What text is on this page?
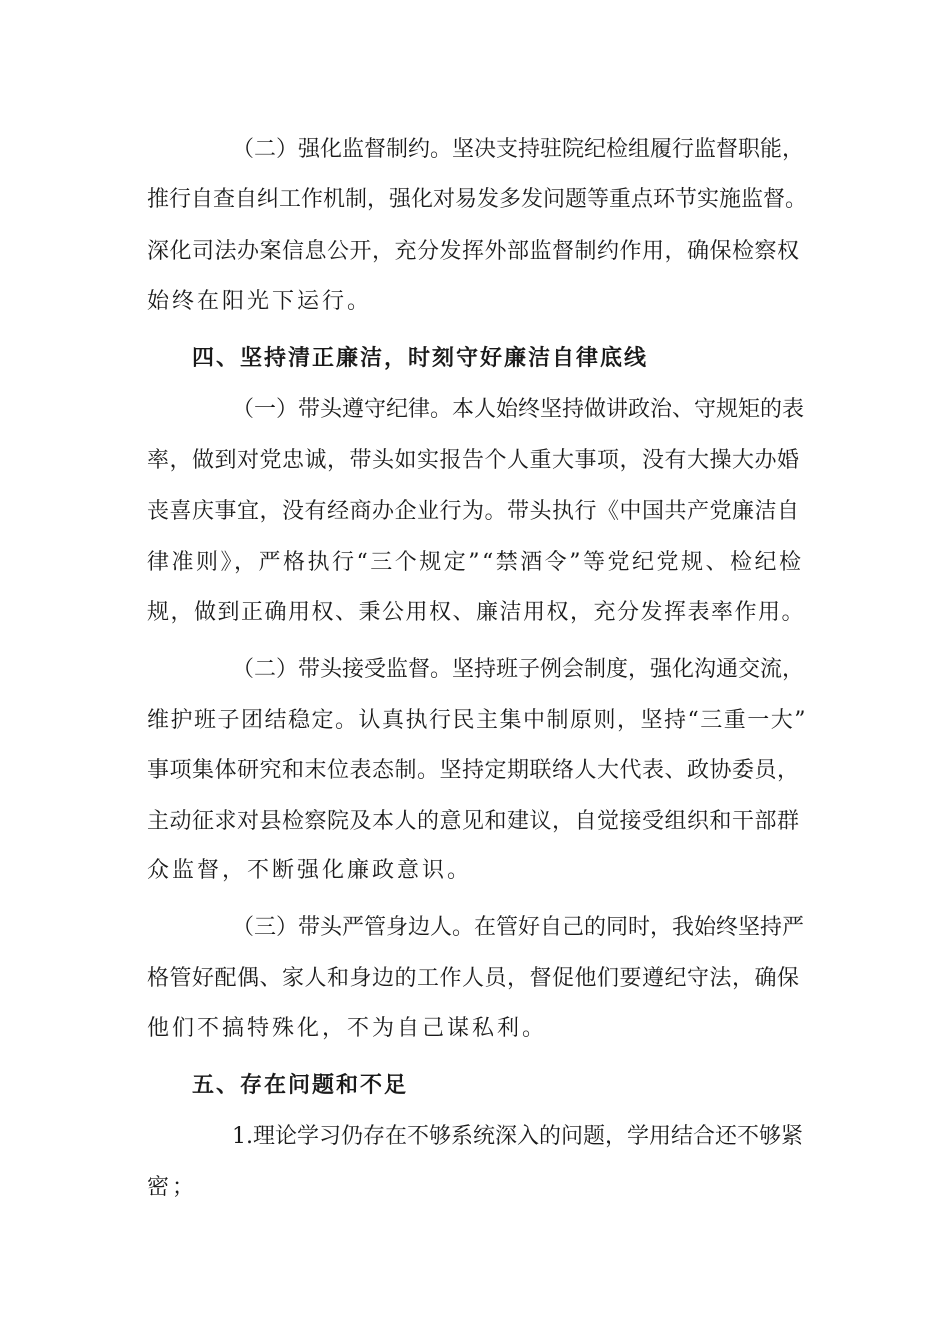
（二）强化监督制约。坚决支持驻院纪检组履行监督职能，
推行自查自纠工作机制，强化对易发多发问题等重点环节实施监督。
深化司法办案信息公开，充分发挥外部监督制约作用，确保检察权
始终在阳光下运行。
四、坚持清正廉洁，时刻守好廉洁自律底线
（一）带头遵守纪律。本人始终坚持做讲政治、守规矩的表
率，做到对党忠诚，带头如实报告个人重大事项，没有大操大办婚
丧喜庆事宜，没有经商办企业行为。带头执行《中国共产党廉洁自
律准则》，严格执行“三个规定”“禁酒令”等党纪党规、检纪检
规，做到正确用权、秉公用权、廉洁用权，充分发挥表率作用。
（二）带头接受监督。坚持班子例会制度，强化沟通交流，
维护班子团结稳定。认真执行民主集中制原则，坚持“三重一大”
事项集体研究和末位表态制。坚持定期联络人大代表、政协委员，
主动征求对县检察院及本人的意见和建议，自觉接受组织和干部群
众监督，不断强化廉政意识。
（三）带头严管身边人。在管好自己的同时，我始终坚持严
格管好配偶、家人和身边的工作人员，督促他们要遵纪守法，确保
他们不搞特殊化，不为自己谋私利。
五、存在问题和不足
1.理论学习仍存在不够系统深入的问题，学用结合还不够紧
密；
